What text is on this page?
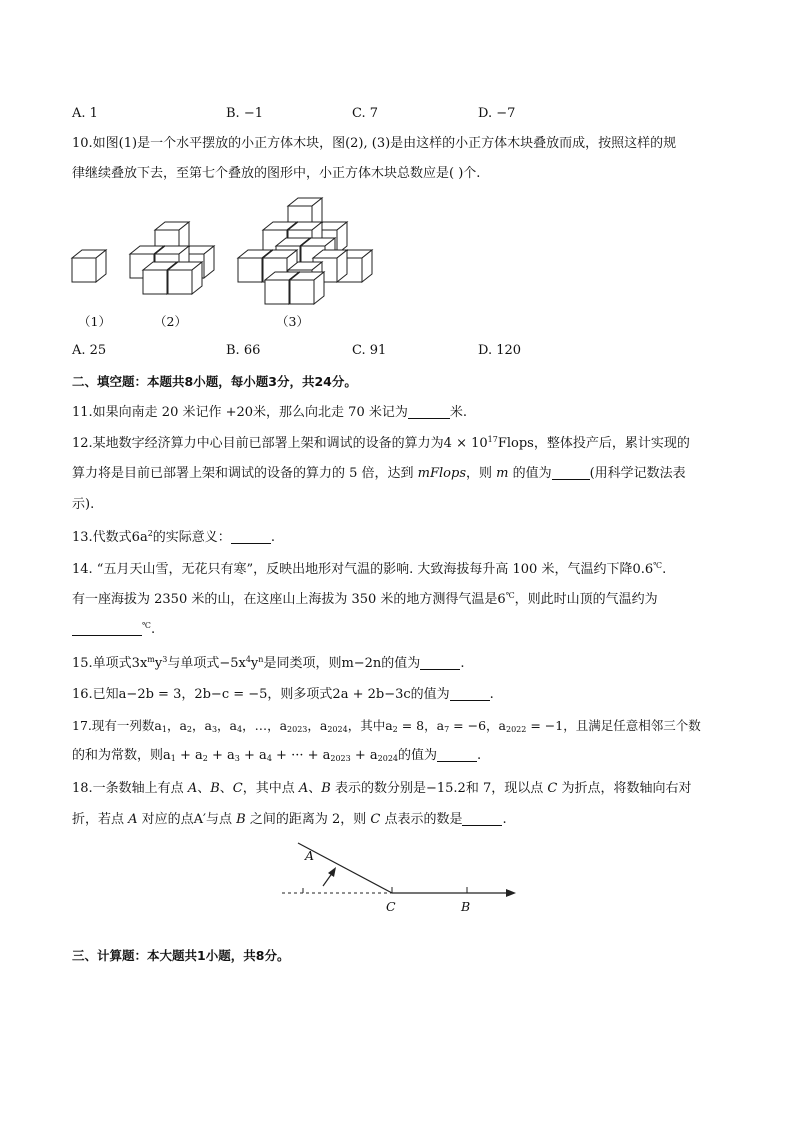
A. 1	B. −1	C. 7	D. −7
10.如图(1)是一个水平摆放的小正方体木块，图(2), (3)是由这样的小正方体木块叠放而成，按照这样的规
律继续叠放下去，至第七个叠放的图形中，小正方体木块总数应是( )个.
（1）	（2）	（3）
A. 25	B. 66	C. 91	D. 120
二、填空题：本题共8小题，每小题3分，共24分。
11.如果向南走 20 米记作 +20米，那么向北走 70 米记为	米.
12.某地数字经济算力中心目前已部署上架和调试的设备的算力为$4 \times 10^{17}Flops$，整体投产后，累计实现的
算力将是目前已部署上架和调试的设备的算力的 5 倍，达到 mFlops，则 m 的值为	(用科学记数法表
示).
13.代数式$6a^2$的实际意义：	.
14. “五月天山雪，无花只有寒”，反映出地形对气温的影响. 大致海拔每升高 100 米，气温约下降0.6℃.
有一座海拔为 2350 米的山，在这座山上海拔为 350 米的地方测得气温是6℃，则此时山顶的气温约为
℃.
15.单项式$3x^my^3$与单项式$-5x^4y^n$是同类项，则m−2n的值为	.
16.已知a−2b = 3，2b−c = −5，则多项式2a + 2b−3c的值为	.
17.现有一列数$a_1$，$a_2$，$a_3$，$a_4$，…，$a_{2023}$，$a_{2024}$，其中$a_2 = 8$，$a_7 = -6$，$a_{2022} = -1$，且满足任意相邻三个数
的和为常数，则$a_1 + a_2 + a_3 + a_4$ + ··· + $a_{2023} + a_{2024}$的值为	.
18.一条数轴上有点 A、B、C，其中点 A、B 表示的数分别是−15.2和 7，现以点 C 为折点，将数轴向右对
折，若点 A 对应的点A′与点 B 之间的距离为 2，则 C 点表示的数是	.
A
C	B
三、计算题：本大题共1小题，共8分。
